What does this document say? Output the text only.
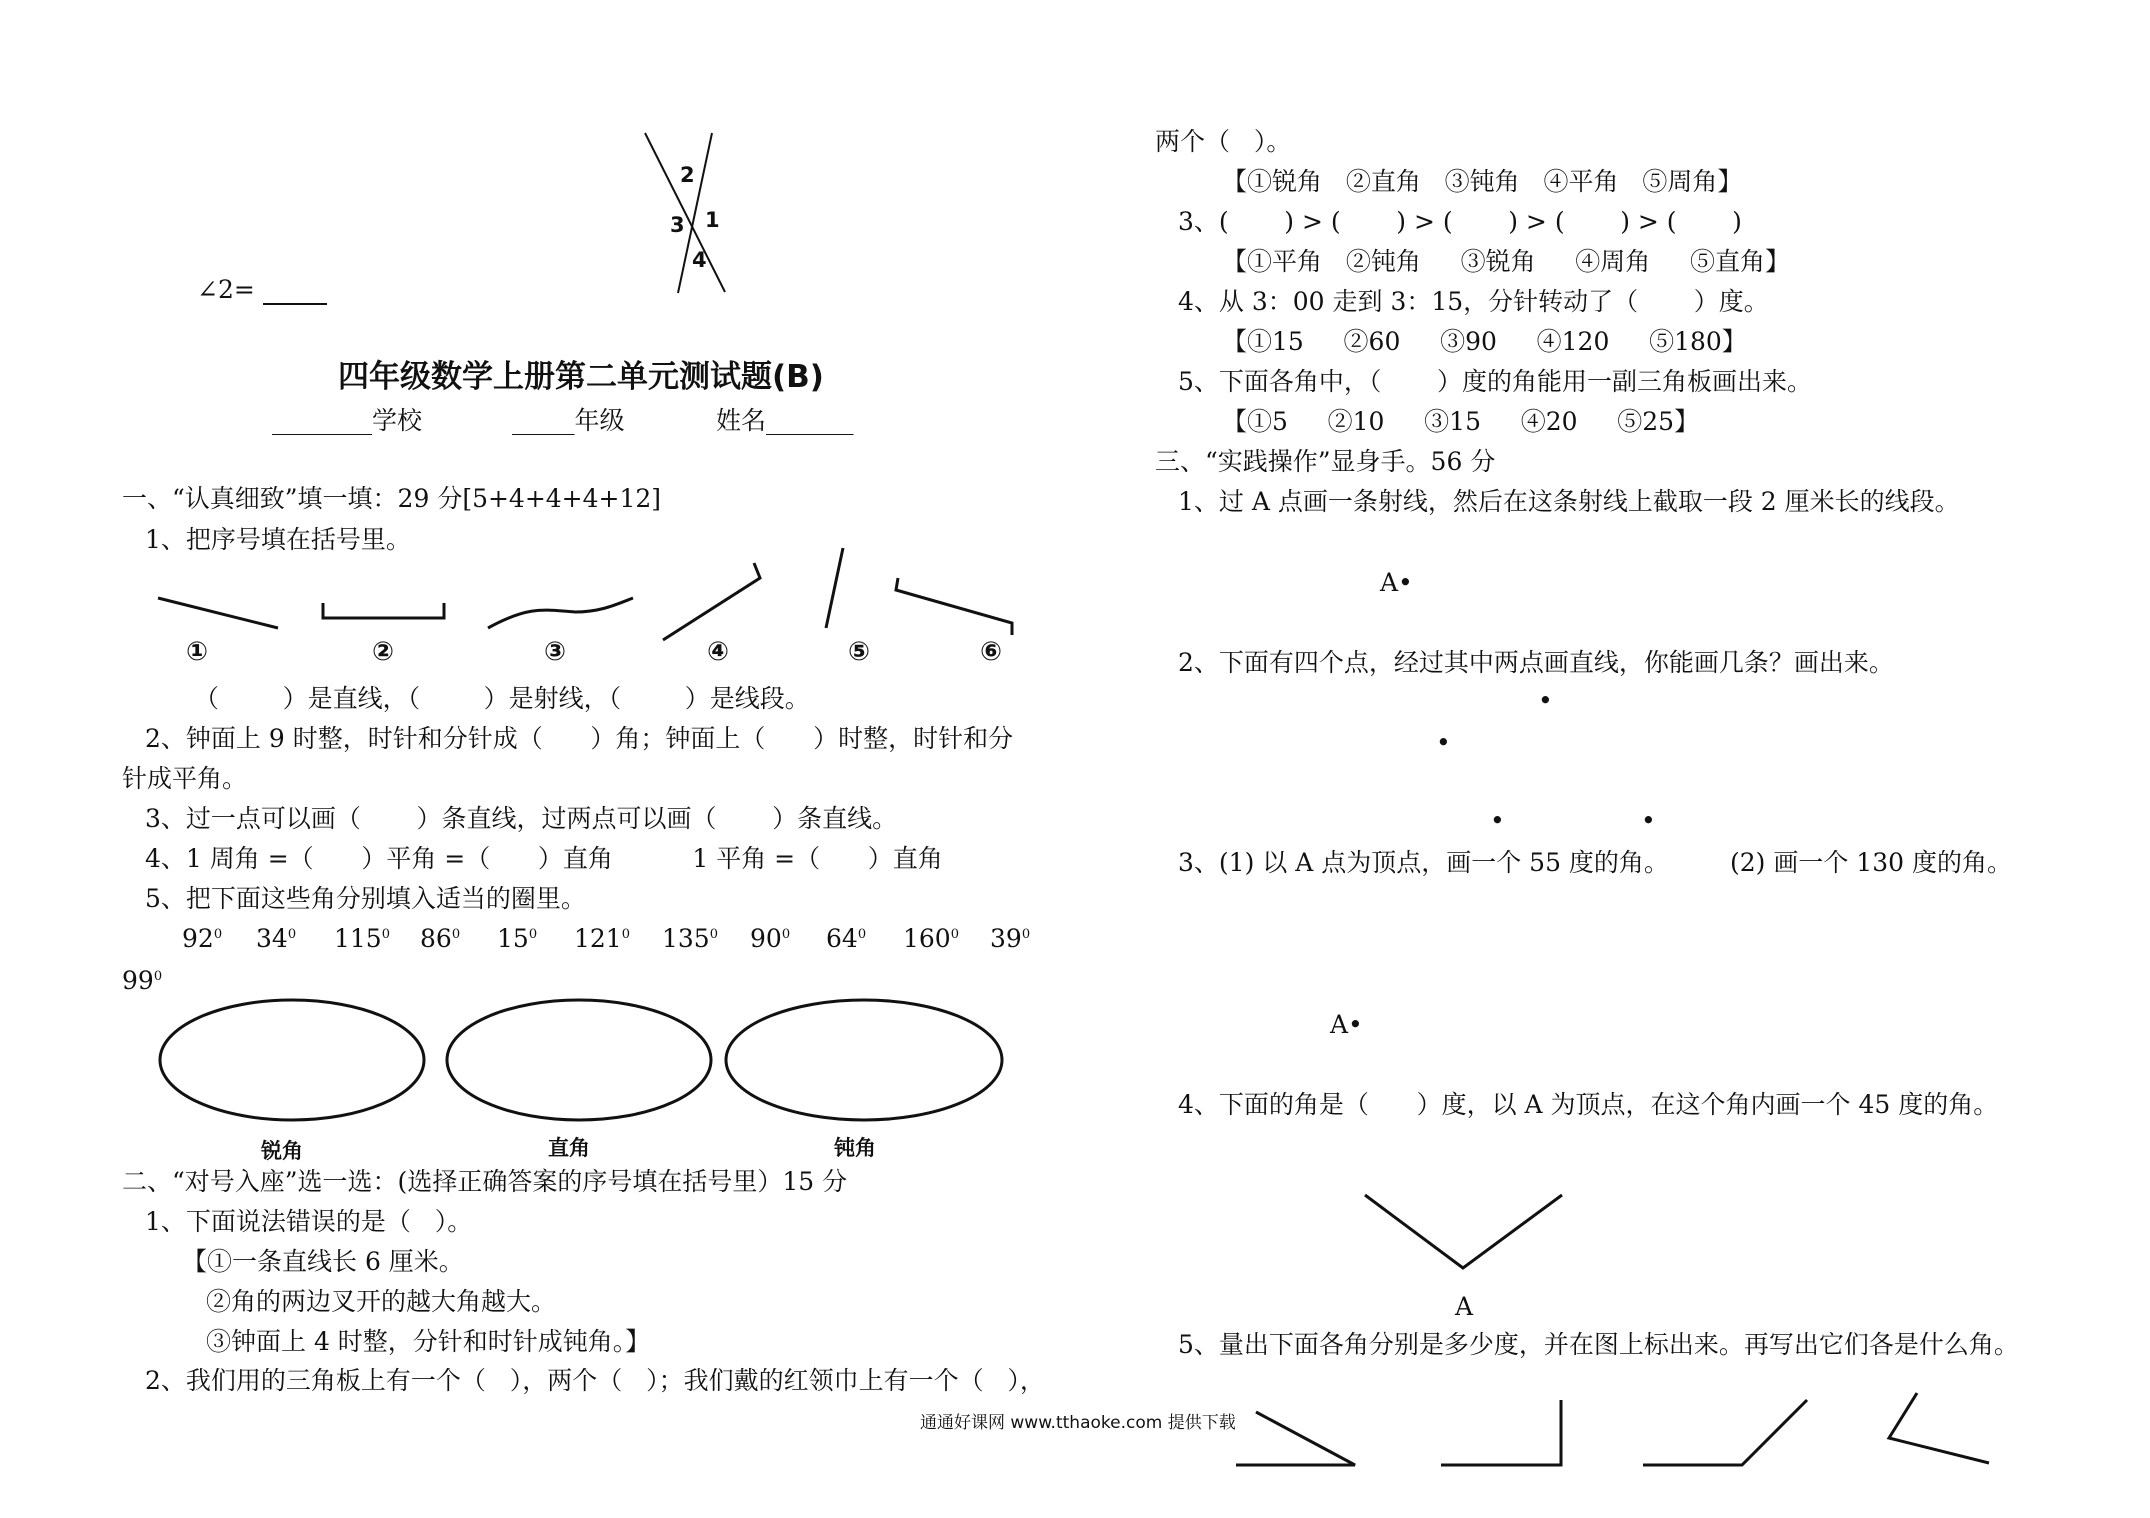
2
3 1
4
∠2=
四年级数学上册第二单元测试题(B)
________学校	_____年级	姓名_______
一、“认真细致”填一填：29 分[5+4+4+4+12]
1、把序号填在括号里。
①	②	③	④	⑤	⑥
（        ）是直线，（        ）是射线，（        ）是线段。
2、钟面上 9 时整，时针和分针成（      ）角；钟面上（      ）时整，时针和分
针成平角。
3、过一点可以画（       ）条直线，过两点可以画（       ）条直线。
4、1 周角 =（      ）平角 =（      ）直角          1 平角 =（      ）直角
5、把下面这些角分别填入适当的圈里。
$92^0$ $34^0$ $115^0$ $86^0$ $15^0$ $121^0$ $135^0$ $90^0$ $64^0$ $160^0$ $39^0$
$99^0$
锐角	直角	钝角
二、“对号入座”选一选：(选择正确答案的序号填在括号里）15 分
1、下面说法错误的是（   ）。
【①一条直线长 6 厘米。
②角的两边叉开的越大角越大。
③钟面上 4 时整，分针和时针成钝角。】
2、我们用的三角板上有一个（   ），两个（   ）；我们戴的红领巾上有一个（   ），
两个（   ）。
【①锐角   ②直角   ③钝角   ④平角   ⑤周角】
3、(       ) > (       ) > (       ) > (       ) > (       )
【①平角   ②钝角     ③锐角     ④周角     ⑤直角】
4、从 3：00 走到 3：15，分针转动了（       ）度。
【①15     ②60     ③90     ④120     ⑤180】
5、下面各角中，（       ）度的角能用一副三角板画出来。
【①5     ②10     ③15     ④20     ⑤25】
三、“实践操作”显身手。56 分
1、过 A 点画一条射线，然后在这条射线上截取一段 2 厘米长的线段。
A•
2、下面有四个点，经过其中两点画直线，你能画几条？画出来。
•
•
•	•
3、(1) 以 A 点为顶点，画一个 55 度的角。 (2) 画一个 130 度的角。
A•
4、下面的角是（      ）度，以 A 为顶点，在这个角内画一个 45 度的角。
A
5、量出下面各角分别是多少度，并在图上标出来。再写出它们各是什么角。
通通好课网 www.tthaoke.com 提供下载
